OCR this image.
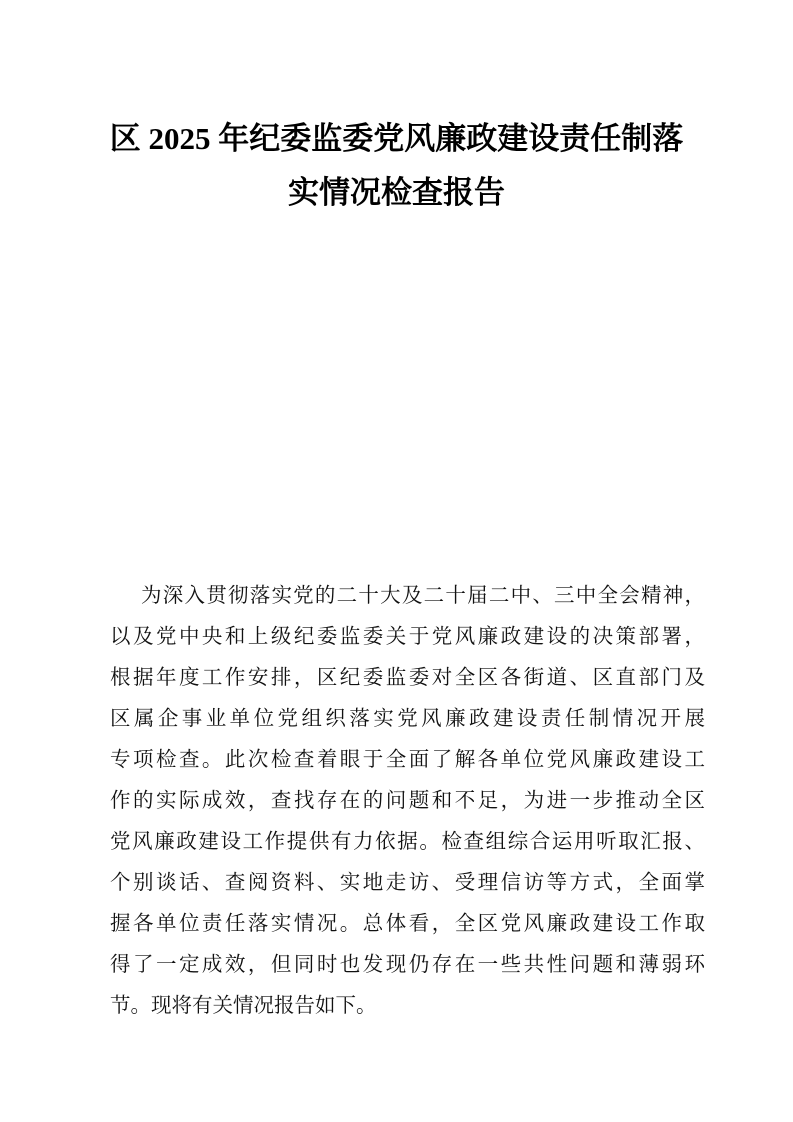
区 2025 年纪委监委党风廉政建设责任制落
实情况检查报告

为深入贯彻落实党的二十大及二十届二中、三中全会精神，

以及党中央和上级纪委监委关于党风廉政建设的决策部署，

根据年度工作安排，区纪委监委对全区各街道、区直部门及

区属企事业单位党组织落实党风廉政建设责任制情况开展

专项检查。此次检查着眼于全面了解各单位党风廉政建设工

作的实际成效，查找存在的问题和不足，为进一步推动全区

党风廉政建设工作提供有力依据。检查组综合运用听取汇报、

个别谈话、查阅资料、实地走访、受理信访等方式，全面掌

握各单位责任落实情况。总体看，全区党风廉政建设工作取

得了一定成效，但同时也发现仍存在一些共性问题和薄弱环

节。现将有关情况报告如下。
